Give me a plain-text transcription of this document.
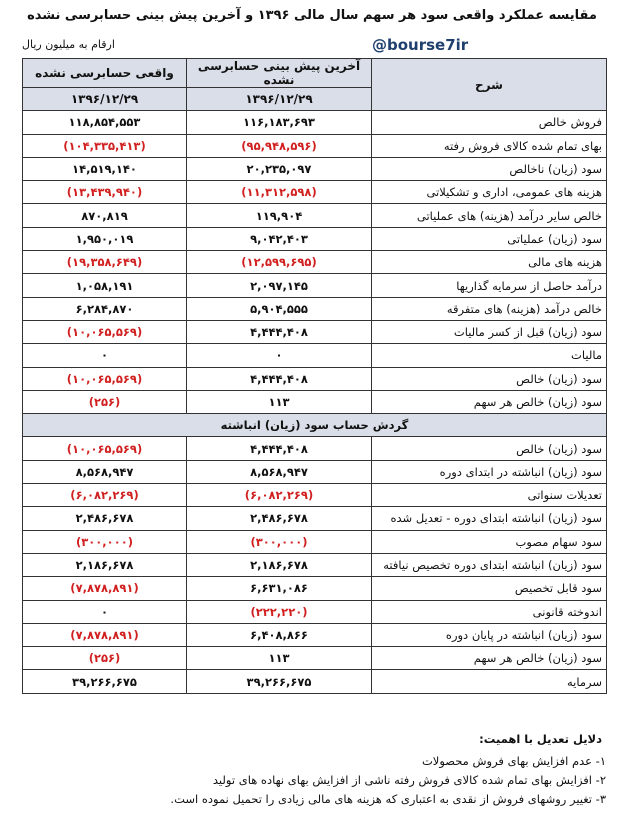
مقایسه عملکرد واقعی سود هر سهم سال مالی ۱۳۹۶ و آخرین پیش بینی حسابرسی نشده
@bourse7ir
ارقام به میلیون ریال
شرح	آخرین پیش بینی حسابرسی نشده	واقعی حسابرسی نشده
	۱۳۹۶/۱۲/۲۹	۱۳۹۶/۱۲/۲۹
فروش خالص	۱۱۶,۱۸۳,۶۹۳	۱۱۸,۸۵۴,۵۵۳
بهای تمام شده کالای فروش رفته	(۹۵,۹۴۸,۵۹۶)	(۱۰۴,۳۳۵,۴۱۳)
سود (زیان) ناخالص	۲۰,۲۳۵,۰۹۷	۱۴,۵۱۹,۱۴۰
هزینه های عمومی، اداری و تشکیلاتی	(۱۱,۳۱۲,۵۹۸)	(۱۳,۴۳۹,۹۴۰)
خالص سایر درآمد (هزینه) های عملیاتی	۱۱۹,۹۰۴	۸۷۰,۸۱۹
سود (زیان) عملیاتی	۹,۰۴۲,۴۰۳	۱,۹۵۰,۰۱۹
هزینه های مالی	(۱۲,۵۹۹,۶۹۵)	(۱۹,۳۵۸,۶۴۹)
درآمد حاصل از سرمایه گذاریها	۲,۰۹۷,۱۴۵	۱,۰۵۸,۱۹۱
خالص درآمد (هزینه) های متفرقه	۵,۹۰۴,۵۵۵	۶,۲۸۴,۸۷۰
سود (زیان) قبل از کسر مالیات	۴,۴۴۴,۴۰۸	(۱۰,۰۶۵,۵۶۹)
مالیات	۰	۰
سود (زیان) خالص	۴,۴۴۴,۴۰۸	(۱۰,۰۶۵,۵۶۹)
سود (زیان) خالص هر سهم	۱۱۳	(۲۵۶)
گردش حساب سود (زیان) انباشته		
سود (زیان) خالص	۴,۴۴۴,۴۰۸	(۱۰,۰۶۵,۵۶۹)
سود (زیان) انباشته در ابتدای دوره	۸,۵۶۸,۹۴۷	۸,۵۶۸,۹۴۷
تعدیلات سنواتی	(۶,۰۸۲,۲۶۹)	(۶,۰۸۲,۲۶۹)
سود (زیان) انباشته ابتدای دوره - تعدیل شده	۲,۴۸۶,۶۷۸	۲,۴۸۶,۶۷۸
سود سهام مصوب	(۳۰۰,۰۰۰)	(۳۰۰,۰۰۰)
سود (زیان) انباشته ابتدای دوره تخصیص نیافته	۲,۱۸۶,۶۷۸	۲,۱۸۶,۶۷۸
سود قابل تخصیص	۶,۶۳۱,۰۸۶	(۷,۸۷۸,۸۹۱)
اندوخته قانونی	(۲۲۲,۲۲۰)	۰
سود (زیان) انباشته در پایان دوره	۶,۴۰۸,۸۶۶	(۷,۸۷۸,۸۹۱)
سود (زیان) خالص هر سهم	۱۱۳	(۲۵۶)
سرمایه	۳۹,۲۶۶,۶۷۵	۳۹,۲۶۶,۶۷۵
دلایل تعدیل با اهمیت:
۱- عدم افزایش بهای فروش محصولات
۲- افزایش بهای تمام شده کالای فروش رفته ناشی از افزایش بهای نهاده های تولید
۳- تغییر روشهای فروش از نقدی به اعتباری که هزینه های مالی زیادی را تحمیل نموده است.
